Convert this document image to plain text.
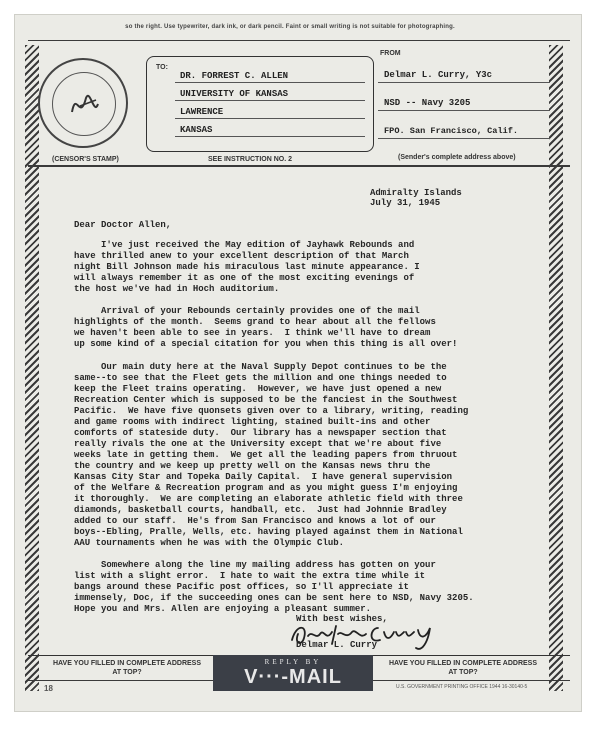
so the right. Use typewriter, dark ink, or dark pencil. Faint or small writing is not suitable for photographing.
(CENSOR'S STAMP)
TO:
DR. FORREST C. ALLEN
UNIVERSITY OF KANSAS
LAWRENCE
KANSAS
SEE INSTRUCTION NO. 2
FROM
Delmar L. Curry, Y3c
NSD -- Navy 3205
FPO. San Francisco, Calif.
(Sender's complete address above)
Admiralty Islands
July 31, 1945
Dear Doctor Allen,
I've just received the May edition of Jayhawk Rebounds and
have thrilled anew to your excellent description of that March
night Bill Johnson made his miraculous last minute appearance. I
will always remember it as one of the most exciting evenings of
the host we've had in Hoch auditorium.
Arrival of your Rebounds certainly provides one of the mail
highlights of the month.  Seems grand to hear about all the fellows
we haven't been able to see in years.  I think we'll have to dream
up some kind of a special citation for you when this thing is all over!
Our main duty here at the Naval Supply Depot continues to be the
same--to see that the Fleet gets the million and one things needed to
keep the Fleet trains operating.  However, we have just opened a new
Recreation Center which is supposed to be the fanciest in the Southwest
Pacific.  We have five quonsets given over to a library, writing, reading
and game rooms with indirect lighting, stained built-ins and other
comforts of stateside duty.  Our library has a newspaper section that
really rivals the one at the University except that we're about five
weeks late in getting them.  We get all the leading papers from thruout
the country and we keep up pretty well on the Kansas news thru the
Kansas City Star and Topeka Daily Capital.  I have general supervision
of the Welfare & Recreation program and as you might guess I'm enjoying
it thoroughly.  We are completing an elaborate athletic field with three
diamonds, basketball courts, handball, etc.  Just had Johnnie Bradley
added to our staff.  He's from San Francisco and knows a lot of our
boys--Ebling, Pralle, Wells, etc. having played against them in National
AAU tournaments when he was with the Olympic Club.
Somewhere along the line my mailing address has gotten on your
list with a slight error.  I hate to wait the extra time while it
bangs around these Pacific post offices, so I'll appreciate it
immensely, Doc, if the succeeding ones can be sent here to NSD, Navy 3205.
Hope you and Mrs. Allen are enjoying a pleasant summer.
With best wishes,
Delmar L. Curry
HAVE YOU FILLED IN COMPLETE ADDRESS AT TOP?
HAVE YOU FILLED IN COMPLETE ADDRESS AT TOP?
REPLY BY
V···-MAIL
18	U.S. GOVERNMENT PRINTING OFFICE 1944 16-30140-5
